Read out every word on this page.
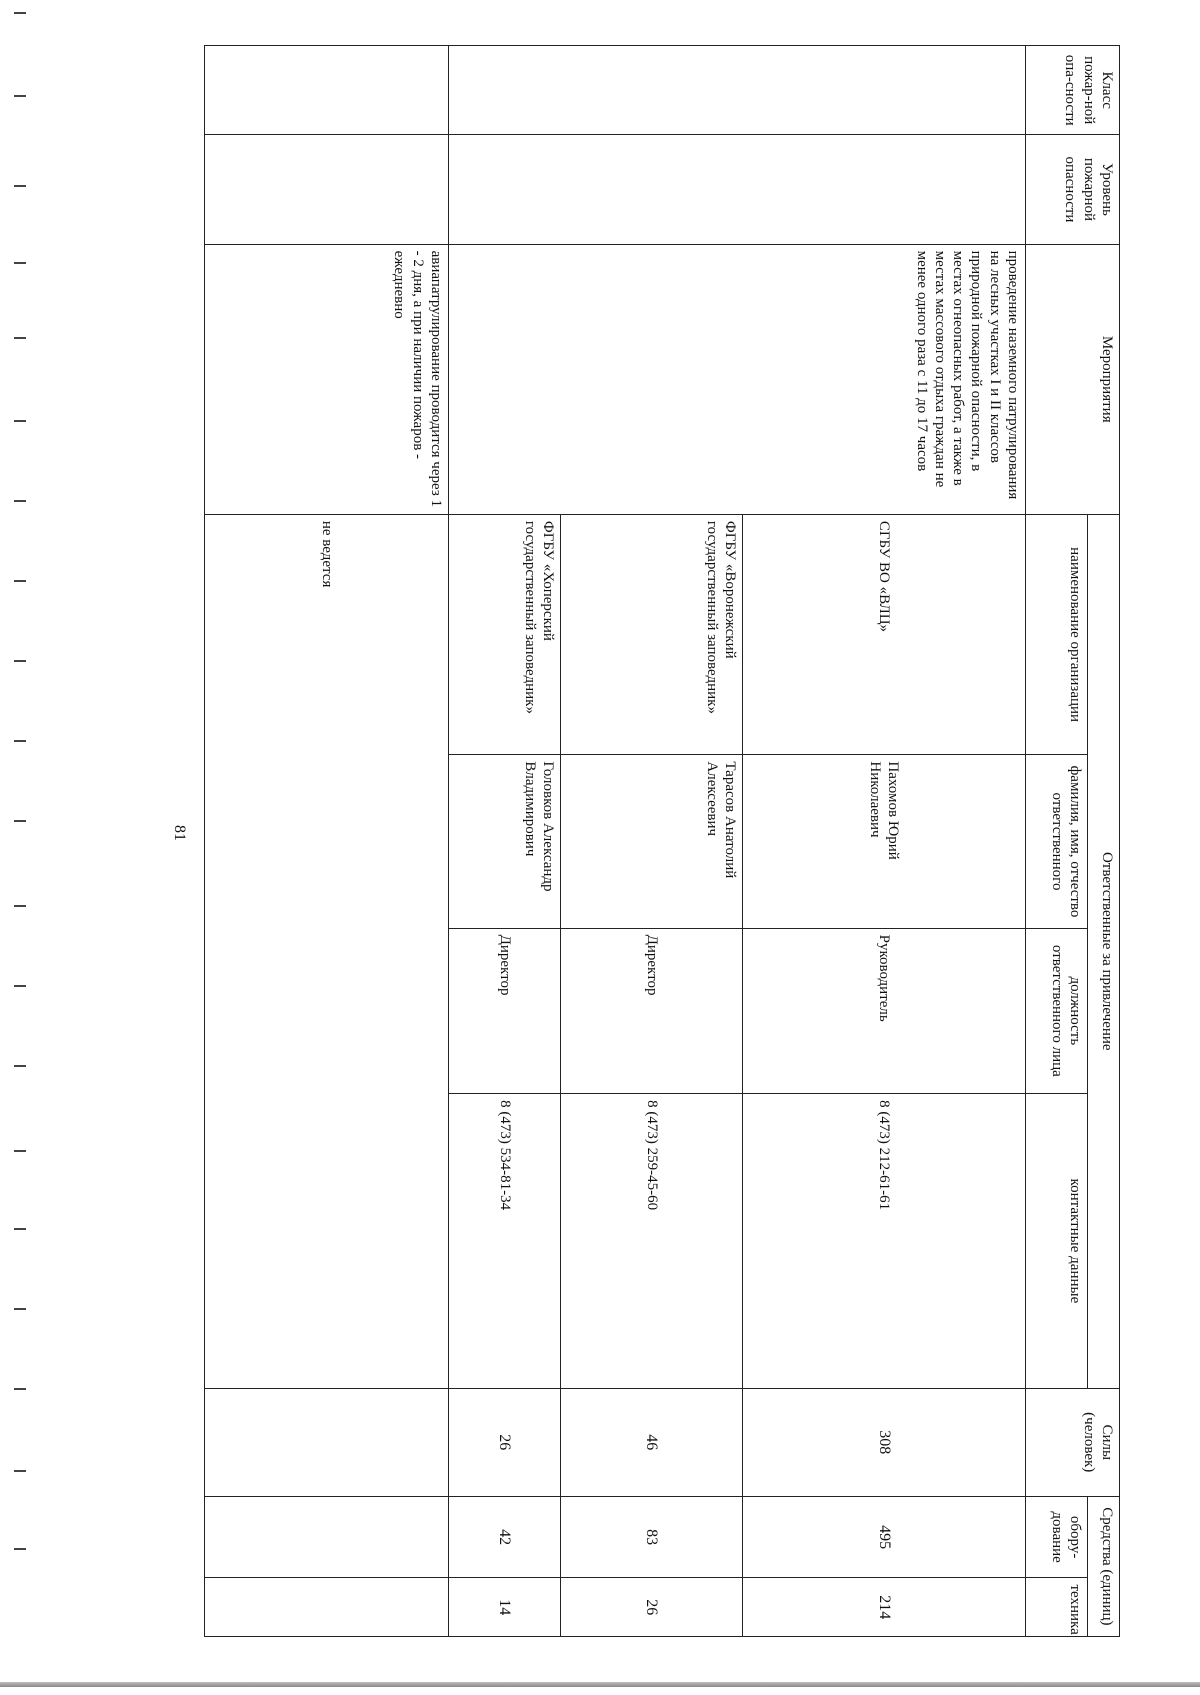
Класс пожар-ной опа-сности	Уровень пожарной опасности	Мероприятия	Ответственные за привлечение				Силы (человек)	Средства (единиц)	
			наименование организации	фамилия, имя, отчество ответственного	должность ответственного лица	контактные данные		обору-дование	техника
		проведение наземного патрулирования на лесных участках I и II классов природной пожарной опасности, в местах огнеопасных работ, а также в местах массового отдыха граждан не менее одного раза с 11 до 17 часов	СГБУ ВО «ВЛЦ»	Пахомов Юрий Николаевич	Руководитель	8 (473) 212-61-61	308	495	214
			ФГБУ «Воронежский государственный заповедник»	Тарасов Анатолий Алексеевич	Директор	8 (473) 259-45-60	46	83	26
			ФГБУ «Хоперский государственный заповедник»	Головков Александр Владимирович	Директор	8 (473) 534-81-34	26	42	14
		авиапатрулирование проводится через 1 - 2 дня, а при наличии пожаров - ежедневно	не ведется						
81
